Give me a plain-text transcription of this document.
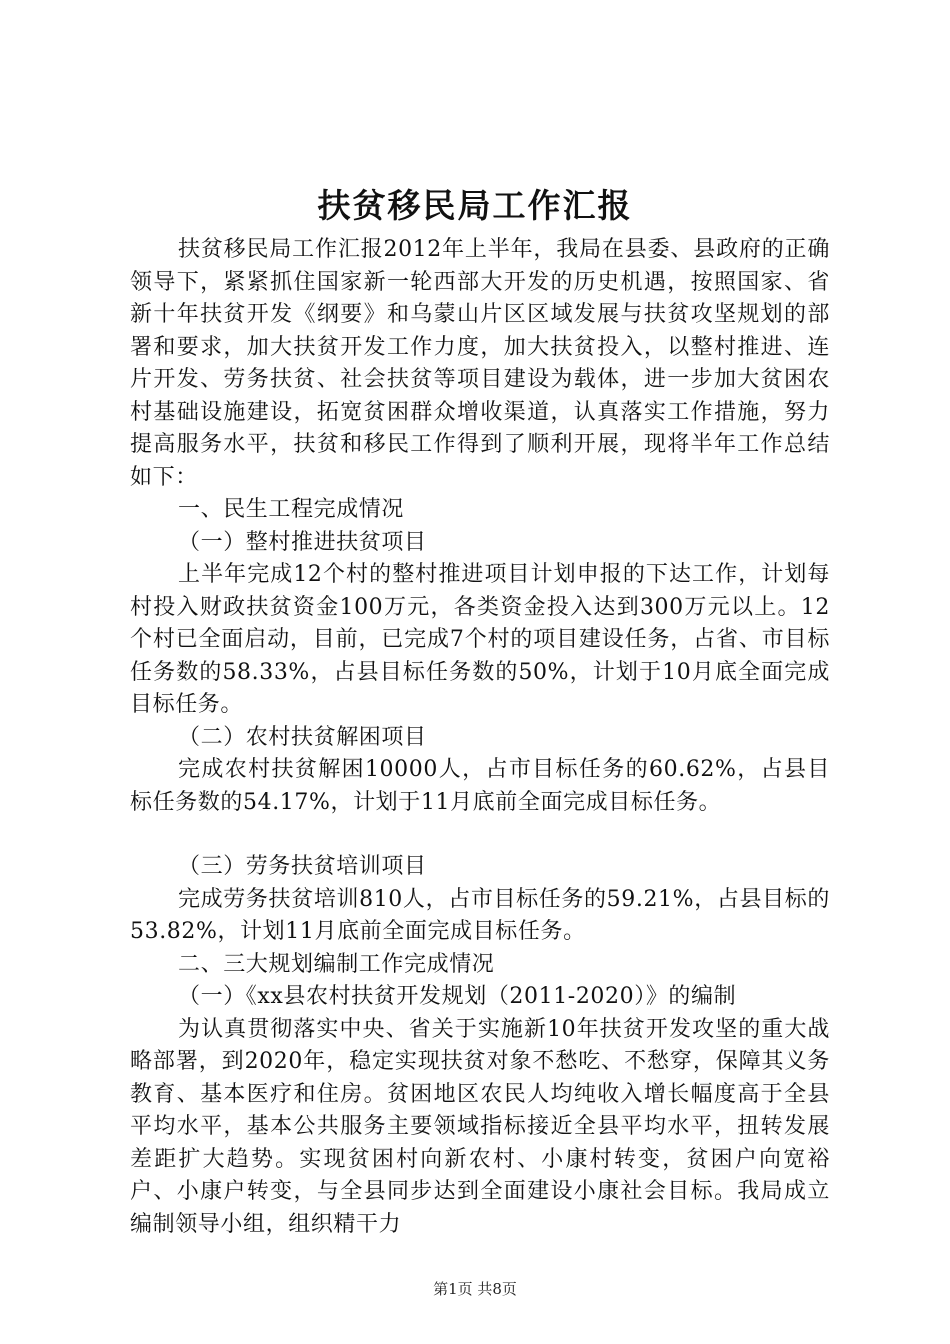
扶贫移民局工作汇报

扶贫移民局工作汇报2012年上半年，我局在县委、县政府的正确领导下，紧紧抓住国家新一轮西部大开发的历史机遇，按照国家、省新十年扶贫开发《纲要》和乌蒙山片区区域发展与扶贫攻坚规划的部署和要求，加大扶贫开发工作力度，加大扶贫投入，以整村推进、连片开发、劳务扶贫、社会扶贫等项目建设为载体，进一步加大贫困农村基础设施建设，拓宽贫困群众增收渠道，认真落实工作措施，努力提高服务水平，扶贫和移民工作得到了顺利开展，现将半年工作总结如下：

一、民生工程完成情况

（一）整村推进扶贫项目

上半年完成12个村的整村推进项目计划申报的下达工作，计划每村投入财政扶贫资金100万元，各类资金投入达到300万元以上。12个村已全面启动，目前，已完成7个村的项目建设任务，占省、市目标任务数的58.33%，占县目标任务数的50%，计划于10月底全面完成目标任务。

（二）农村扶贫解困项目

完成农村扶贫解困10000人，占市目标任务的60.62%，占县目标任务数的54.17%，计划于11月底前全面完成目标任务。

（三）劳务扶贫培训项目

完成劳务扶贫培训810人，占市目标任务的59.21%，占县目标的53.82%，计划11月底前全面完成目标任务。

二、三大规划编制工作完成情况

（一）《xx县农村扶贫开发规划（2011-2020）》的编制

为认真贯彻落实中央、省关于实施新10年扶贫开发攻坚的重大战略部署，到2020年，稳定实现扶贫对象不愁吃、不愁穿，保障其义务教育、基本医疗和住房。贫困地区农民人均纯收入增长幅度高于全县平均水平，基本公共服务主要领域指标接近全县平均水平，扭转发展差距扩大趋势。实现贫困村向新农村、小康村转变，贫困户向宽裕户、小康户转变，与全县同步达到全面建设小康社会目标。我局成立编制领导小组，组织精干力

第1页 共8页
